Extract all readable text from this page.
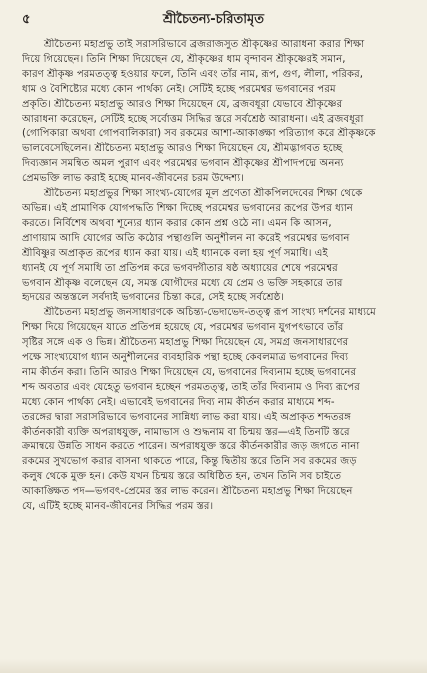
৫	শ্রীচৈতন্য-চরিতামৃত

শ্রীচৈতন্য মহাপ্রভু তাই সরাসরিভাবে ব্রজরাজসুত শ্রীকৃষ্ণের আরাধনা করার শিক্ষা
দিয়ে গিয়েছেন। তিনি শিক্ষা দিয়েছেন যে, শ্রীকৃষ্ণের ধাম বৃন্দাবন শ্রীকৃষ্ণেরই সমান,
কারণ শ্রীকৃষ্ণ পরমতত্ত্ব হওয়ার ফলে, তিনি এবং তাঁর নাম, রূপ, গুণ, লীলা, পরিকর,
ধাম ও বৈশিষ্ট্যের মধ্যে কোন পার্থক্য নেই। সেটিই হচ্ছে পরমেশ্বর ভগবানের পরম
প্রকৃতি। শ্রীচৈতন্য মহাপ্রভু আরও শিক্ষা দিয়েছেন যে, ব্রজবধূরা যেভাবে শ্রীকৃষ্ণের
আরাধনা করেছেন, সেটিই হচ্ছে সর্বোত্তম সিদ্ধির স্তরে সর্বশ্রেষ্ঠ আরাধনা। এই ব্রজবধূরা
(গোপিকারা অথবা গোপবালিকারা) সব রকমের আশা-আকাঙ্ক্ষা পরিত্যাগ করে শ্রীকৃষ্ণকে
ভালবেসেছিলেন। শ্রীচৈতন্য মহাপ্রভু আরও শিক্ষা দিয়েছেন যে, শ্রীমদ্ভাগবত হচ্ছে
দিব্যজ্ঞান সমন্বিত অমল পুরাণ এবং পরমেশ্বর ভগবান শ্রীকৃষ্ণের শ্রীপাদপদ্মে অনন্য
প্রেমভক্তি লাভ করাই হচ্ছে মানব-জীবনের চরম উদ্দেশ্য।

শ্রীচৈতন্য মহাপ্রভুর শিক্ষা সাংখ্য-যোগের মূল প্রণেতা শ্রীকপিলদেবের শিক্ষা থেকে
অভিন্ন। এই প্রামাণিক যোগপদ্ধতি শিক্ষা দিচ্ছে পরমেশ্বর ভগবানের রূপের উপর ধ্যান
করতে। নির্বিশেষ অথবা শূন্যের ধ্যান করার কোন প্রশ্ন ওঠে না। এমন কি আসন,
প্রাণায়াম আদি যোগের অতি কঠোর পন্থাগুলি অনুশীলন না করেই পরমেশ্বর ভগবান
শ্রীবিষ্ণুর অপ্রাকৃত রূপের ধ্যান করা যায়। এই ধ্যানকে বলা হয় পূর্ণ সমাধি। এই
ধ্যানই যে পূর্ণ সমাধি তা প্রতিপন্ন করে ভগবদ্গীতার ষষ্ঠ অধ্যায়ের শেষে পরমেশ্বর
ভগবান শ্রীকৃষ্ণ বলেছেন যে, সমস্ত যোগীদের মধ্যে যে প্রেম ও ভক্তি সহকারে তার
হৃদয়ের অন্তস্তলে সর্বদাই ভগবানের চিন্তা করে, সেই হচ্ছে সর্বশ্রেষ্ঠ।

শ্রীচৈতন্য মহাপ্রভু জনসাধারণকে অচিন্ত্য-ভেদাভেদ-তত্ত্ব রূপ সাংখ্য দর্শনের মাধ্যমে
শিক্ষা দিয়ে গিয়েছেন যাতে প্রতিপন্ন হয়েছে যে, পরমেশ্বর ভগবান যুগপৎভাবে তাঁর
সৃষ্টির সঙ্গে এক ও ভিন্ন। শ্রীচৈতন্য মহাপ্রভু শিক্ষা দিয়েছেন যে, সমগ্র জনসাধারণের
পক্ষে সাংখ্যযোগ ধ্যান অনুশীলনের ব্যবহারিক পন্থা হচ্ছে কেবলমাত্র ভগবানের দিব্য
নাম কীর্তন করা। তিনি আরও শিক্ষা দিয়েছেন যে, ভগবানের দিব্যনাম হচ্ছে ভগবানের
শব্দ অবতার এবং যেহেতু ভগবান হচ্ছেন পরমতত্ত্ব, তাই তাঁর দিব্যনাম ও দিব্য রূপের
মধ্যে কোন পার্থক্য নেই। এভাবেই ভগবানের দিব্য নাম কীর্তন করার মাধ্যমে শব্দ-
তরঙ্গের দ্বারা সরাসরিভাবে ভগবানের সান্নিধ্য লাভ করা যায়। এই অপ্রাকৃত শব্দতরঙ্গ
কীর্তনকারী ব্যক্তি অপরাধযুক্ত, নামাভাস ও শুদ্ধনাম বা চিন্ময় স্তর—এই তিনটি স্তরে
ক্রমান্বয়ে উন্নতি সাধন করতে পারেন। অপরাধযুক্ত স্তরে কীর্তনকারীর জড় জগতে নানা
রকমের সুখভোগ করার বাসনা থাকতে পারে, কিন্তু দ্বিতীয় স্তরে তিনি সব রকমের জড়
কলুষ থেকে মুক্ত হন। কেউ যখন চিন্ময় স্তরে অধিষ্ঠিত হন, তখন তিনি সব চাইতে
আকাঙ্ক্ষিত পদ—ভগবৎ-প্রেমের স্তর লাভ করেন। শ্রীচৈতন্য মহাপ্রভু শিক্ষা দিয়েছেন
যে, এটিই হচ্ছে মানব-জীবনের সিদ্ধির পরম স্তর।
